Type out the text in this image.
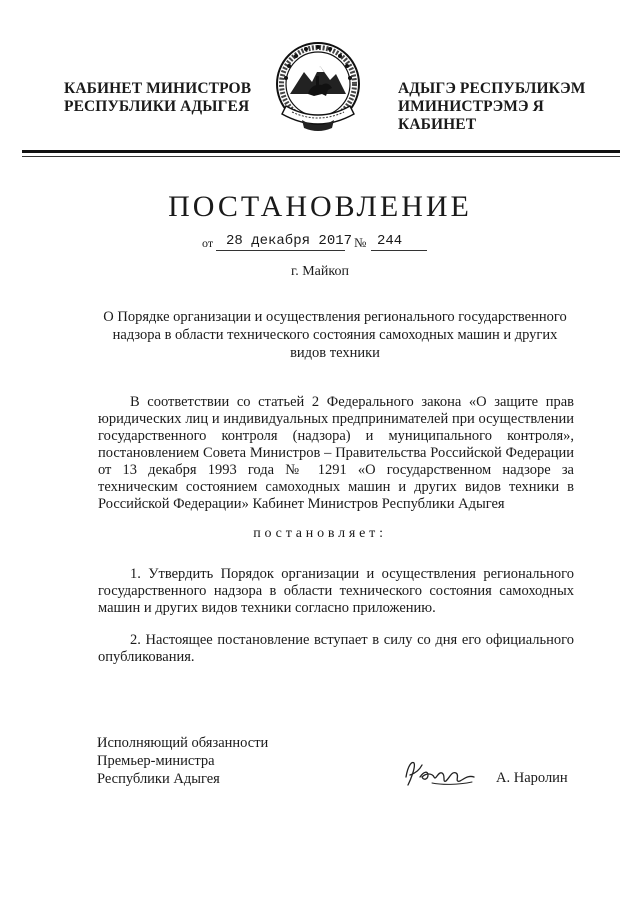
КАБИНЕТ МИНИСТРОВ
РЕСПУБЛИКИ АДЫГЕЯ
АДЫГЭ РЕСПУБЛИКЭМ
ИМИНИСТРЭМЭ Я КАБИНЕТ
ПОСТАНОВЛЕНИЕ
от 28 декабря 2017 № 244
г. Майкоп
О Порядке организации и осуществления регионального государственного надзора в области технического состояния самоходных машин и других видов техники
В соответствии со статьей 2 Федерального закона «О защите прав юридических лиц и индивидуальных предпринимателей при осуществлении государственного контроля (надзора) и муниципального контроля», постановлением Совета Министров – Правительства Российской Федерации от 13 декабря 1993 года № 1291 «О государственном надзоре за техническим состоянием самоходных машин и других видов техники в Российской Федерации» Кабинет Министров Республики Адыгея
постановляет:
1. Утвердить Порядок организации и осуществления регионального государственного надзора в области технического состояния самоходных машин и других видов техники согласно приложению.
2. Настоящее постановление вступает в силу со дня его официального опубликования.
Исполняющий обязанности
Премьер-министра
Республики Адыгея	А. Наролин
